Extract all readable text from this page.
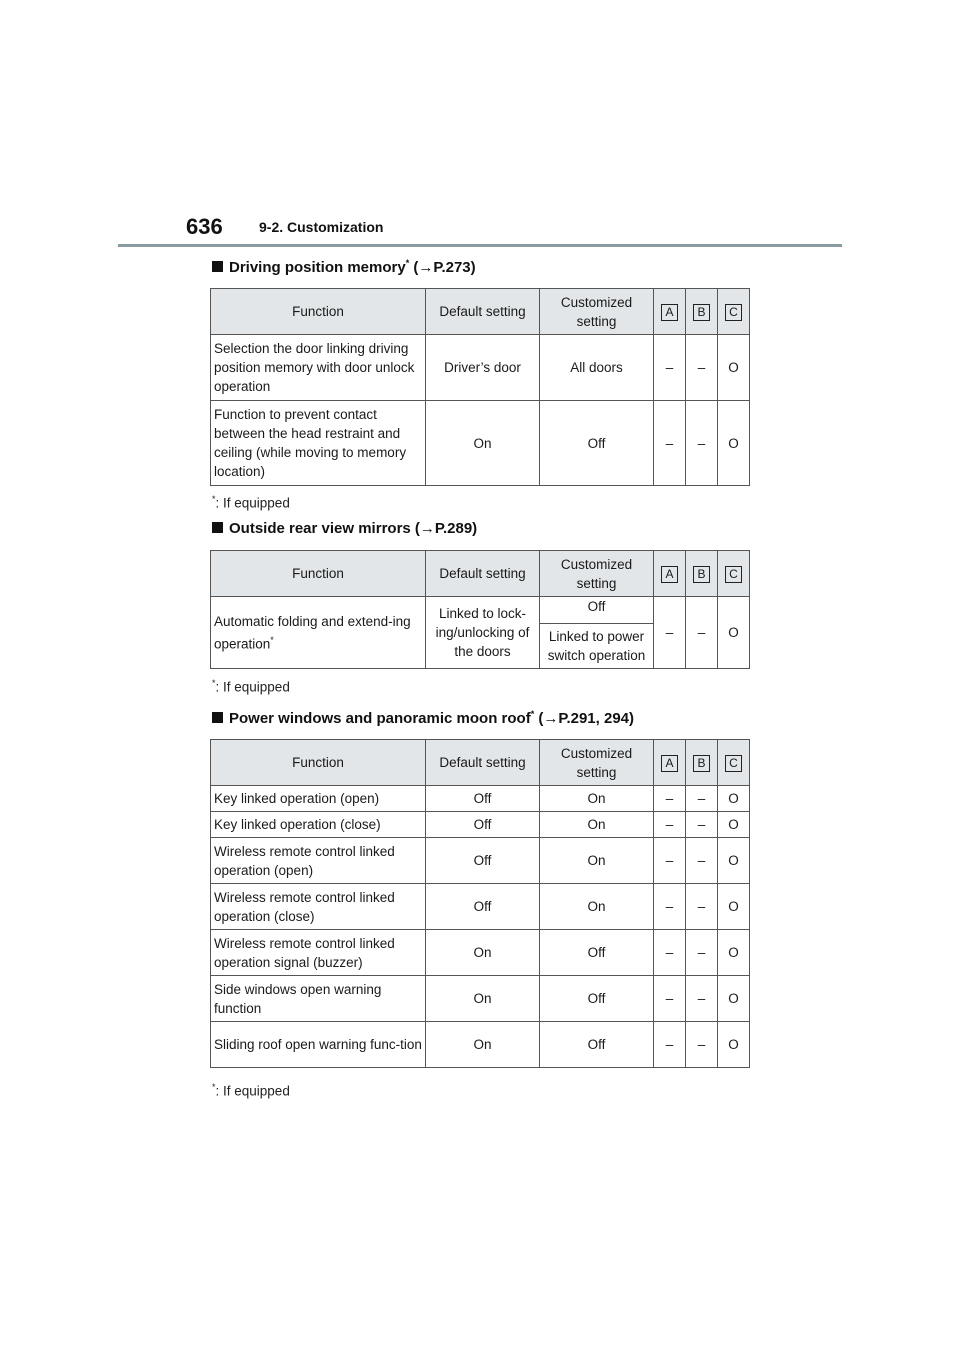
636	9-2. Customization
Driving position memory* (→P.273)
Function	Default setting	Customized setting	A	B	C
Selection the door linking driving position memory with door unlock operation	Driver’s door	All doors	–	–	O
Function to prevent contact between the head restraint and ceiling (while moving to memory location)	On	Off	–	–	O
*: If equipped
Outside rear view mirrors (→P.289)
Function	Default setting	Customized setting	A	B	C
Automatic folding and extend-ing operation*	Linked to lock-ing/unlocking of the doors	Off	–	–	O
		Linked to power switch operation			
*: If equipped
Power windows and panoramic moon roof* (→P.291, 294)
Function	Default setting	Customized setting	A	B	C
Key linked operation (open)	Off	On	–	–	O
Key linked operation (close)	Off	On	–	–	O
Wireless remote control linked operation (open)	Off	On	–	–	O
Wireless remote control linked operation (close)	Off	On	–	–	O
Wireless remote control linked operation signal (buzzer)	On	Off	–	–	O
Side windows open warning function	On	Off	–	–	O
Sliding roof open warning func-tion	On	Off	–	–	O
*: If equipped
